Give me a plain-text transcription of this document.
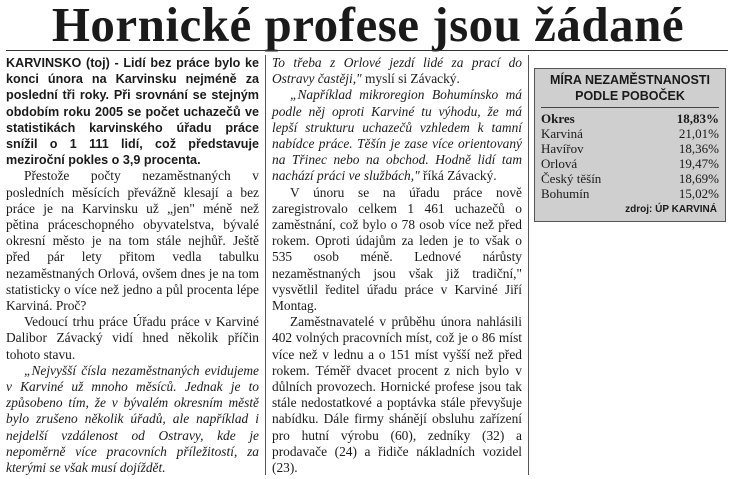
Hornické profese jsou žádané

KARVINSKO (toj) - Lidí bez práce bylo ke konci února na Karvinsku nejméně za poslední tři roky. Při srovnání se stejným obdobím roku 2005 se počet uchazečů ve statistikách karvinského úřadu práce snížil o 1 111 lidí, což představuje meziroční pokles o 3,9 procenta.

Přestože počty nezaměstnaných v posledních měsících převážně klesají a bez práce je na Karvinsku už „jen" méně než pětina práceschopného obyvatelstva, bývalé okresní město je na tom stále nejhůř. Ještě před pár lety přitom vedla tabulku nezaměstnaných Orlová, ovšem dnes je na tom statisticky o více než jedno a půl procenta lépe Karviná. Proč?

Vedoucí trhu práce Úřadu práce v Karviné Dalibor Závacký vidí hned několik příčin tohoto stavu.

„Nejvyšší čísla nezaměstnaných evidujeme v Karviné už mnoho měsíců. Jednak je to způsobeno tím, že v bývalém okresním městě bylo zrušeno několik úřadů, ale například i nejdelší vzdálenost od Ostravy, kde je nepoměrně více pracovních příležitostí, za kterými se však musí dojíždět.

To třeba z Orlové jezdí lidé za prací do Ostravy častěji," myslí si Závacký.

„Například mikroregion Bohumínsko má podle něj oproti Karviné tu výhodu, že má lepší strukturu uchazečů vzhledem k tamní nabídce práce. Těšín je zase více orientovaný na Třinec nebo na obchod. Hodně lidí tam nachází práci ve službách," říká Závacký.

V únoru se na úřadu práce nově zaregistrovalo celkem 1 461 uchazečů o zaměstnání, což bylo o 78 osob více než před rokem. Oproti údajům za leden je to však o 535 osob méně. Lednové nárůsty nezaměstnaných jsou však již tradiční," vysvětlil ředitel úřadu práce v Karviné Jiří Montag.

Zaměstnavatelé v průběhu února nahlásili 402 volných pracovních míst, což je o 86 míst více než v lednu a o 151 míst vyšší než před rokem. Téměř dvacet procent z nich bylo v důlních provozech. Hornické profese jsou tak stále nedostatkové a poptávka stále převyšuje nabídku. Dále firmy shánějí obsluhu zařízení pro hutní výrobu (60), zedníky (32) a prodavače (24) a řidiče nákladních vozidel (23).

MÍRA NEZAMĚSTNANOSTI
PODLE POBOČEK
Okres	18,83%
Karviná	21,01%
Havířov	18,36%
Orlová	19,47%
Český těšín	18,69%
Bohumín	15,02%
zdroj: ÚP KARVINÁ
